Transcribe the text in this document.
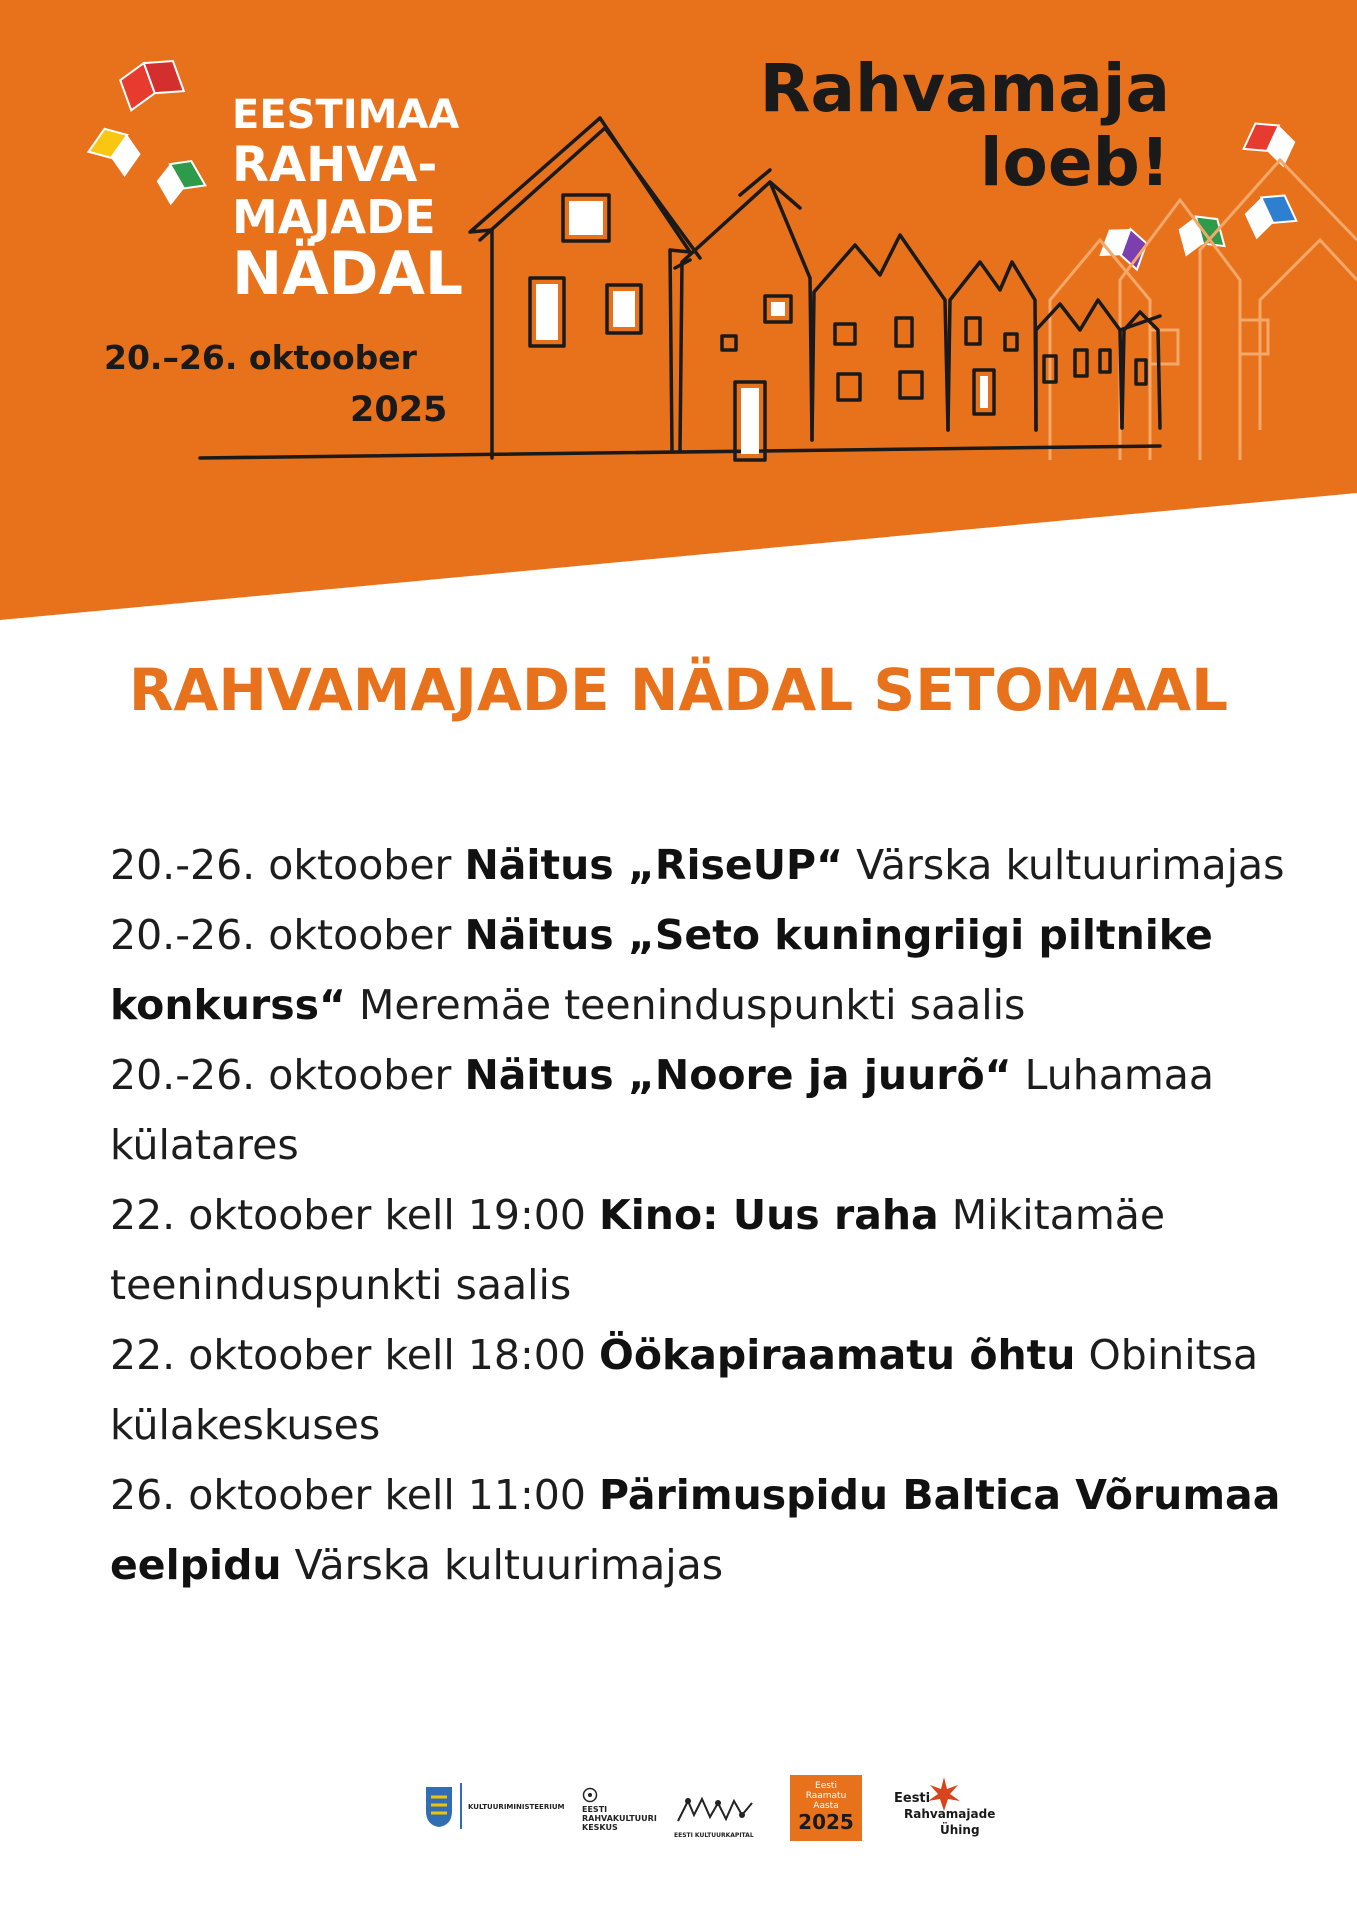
EESTIMAA
RAHVA-
MAJADE
NÄDAL
20.–26. oktoober
2025
Rahvamaja
loeb!
RAHVAMAJADE NÄDAL SETOMAAL
20.-26. oktoober Näitus „RiseUP“ Värska kultuurimajas
20.-26. oktoober Näitus „Seto kuningriigi piltnike konkurss“ Meremäe teeninduspunkti saalis
20.-26. oktoober Näitus „Noore ja juurõ“ Luhamaa külatares
22. oktoober kell 19:00 Kino: Uus raha Mikitamäe teeninduspunkti saalis
22. oktoober kell 18:00 Öökapiraamatu õhtu Obinitsa külakeskuses
26. oktoober kell 11:00 Pärimuspidu Baltica Võrumaa eelpidu Värska kultuurimajas
KULTUURIMINISTEERIUM EESTI
RAHVAKULTUURI
KESKUS
EESTI KULTUURKAPITAL
Eesti
Raamatu
Aasta
2025
Eesti
Rahvamajade
Ühing
